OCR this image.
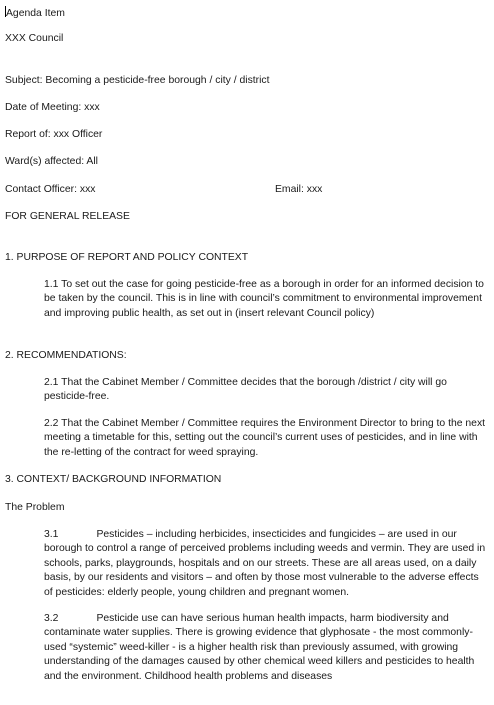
Agenda Item
XXX Council
Subject: Becoming a pesticide-free borough / city / district
Date of Meeting: xxx
Report of: xxx Officer
Ward(s) affected: All
Contact Officer: xxx	Email: xxx
FOR GENERAL RELEASE
1. PURPOSE OF REPORT AND POLICY CONTEXT
1.1 To set out the case for going pesticide-free as a borough in order for an informed decision to be taken by the council. This is in line with council’s commitment to environmental improvement and improving public health, as set out in (insert relevant Council policy)
2. RECOMMENDATIONS:
2.1 That the Cabinet Member / Committee decides that the borough /district / city will go pesticide-free.
2.2 That the Cabinet Member / Committee requires the Environment Director to bring to the next meeting a timetable for this, setting out the council’s current uses of pesticides, and in line with the re-letting of the contract for weed spraying.
3. CONTEXT/ BACKGROUND INFORMATION
The Problem
3.1	Pesticides – including herbicides, insecticides and fungicides – are used in our borough to control a range of perceived problems including weeds and vermin. They are used in schools, parks, playgrounds, hospitals and on our streets. These are all areas used, on a daily basis, by our residents and visitors – and often by those most vulnerable to the adverse effects of pesticides: elderly people, young children and pregnant women.
3.2	Pesticide use can have serious human health impacts, harm biodiversity and contaminate water supplies. There is growing evidence that glyphosate - the most commonly-used “systemic” weed-killer - is a higher health risk than previously assumed, with growing understanding of the damages caused by other chemical weed killers and pesticides to health and the environment. Childhood health problems and diseases
